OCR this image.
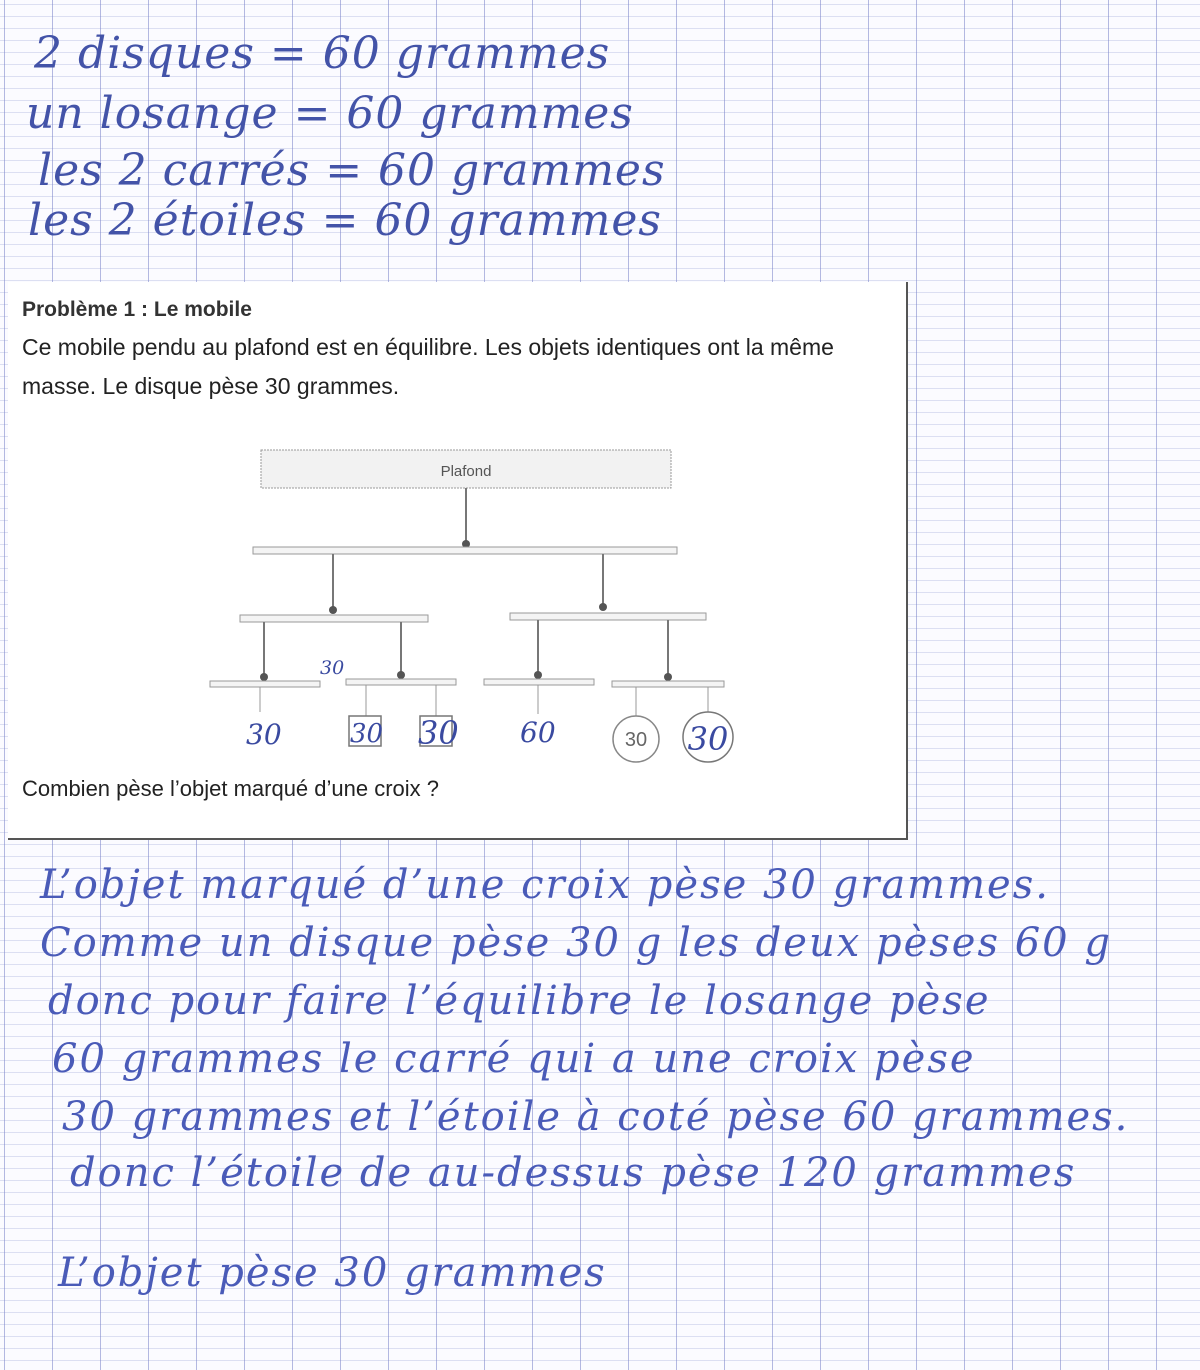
2 disques = 60 grammes
un losange = 60 grammes
les 2 carrés = 60 grammes
les 2 étoiles = 60 grammes
Plafond
30
30	30 30 60	30 30
Problème 1 : Le mobile
Ce mobile pendu au plafond est en équilibre. Les objets identiques ont la même masse. Le disque pèse 30 grammes.
Combien pèse l’objet marqué d’une croix ?
L’objet marqué d’une croix pèse 30 grammes.
Comme un disque pèse 30 g les deux pèses 60 g
donc pour faire l’équilibre le losange pèse
60 grammes le carré qui a une croix pèse
30 grammes et l’étoile à coté pèse 60 grammes.
donc l’étoile de au-dessus pèse 120 grammes
L’objet pèse 30 grammes
